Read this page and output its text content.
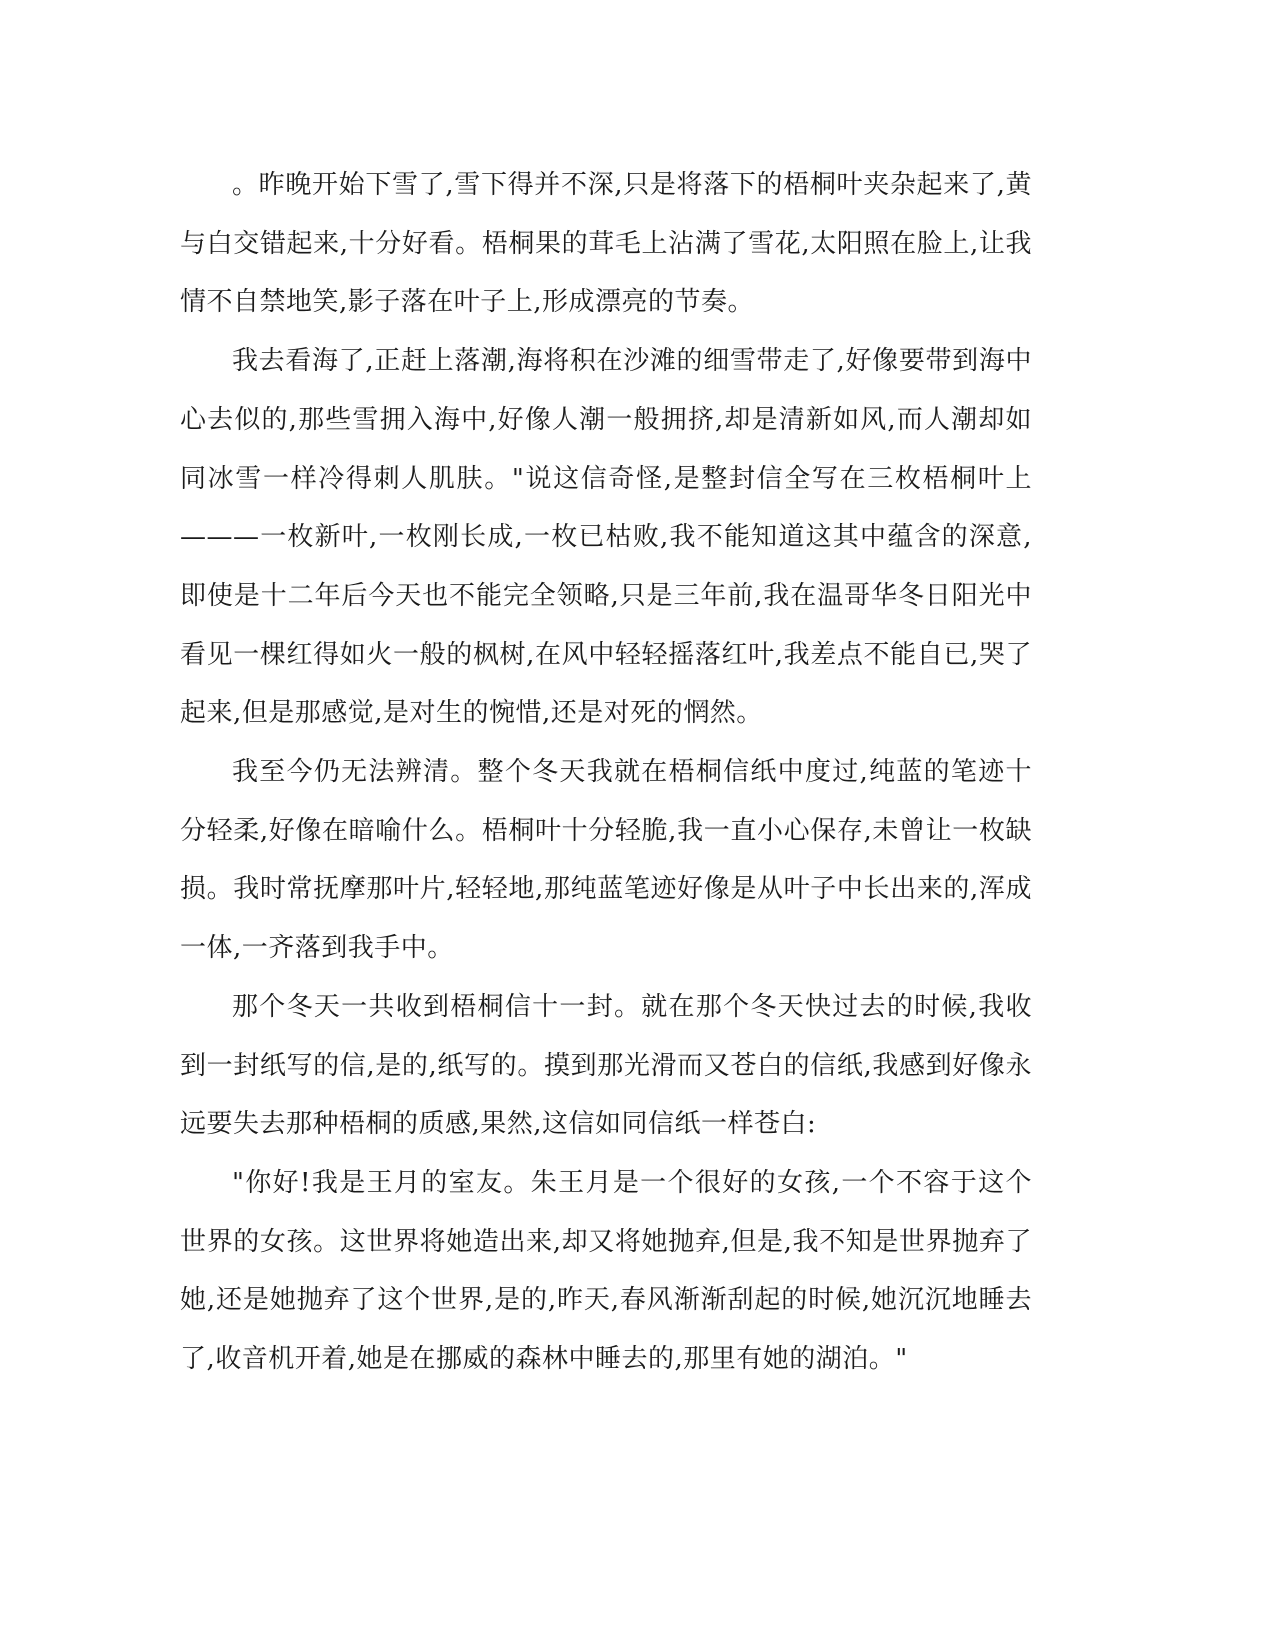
。昨晚开始下雪了,雪下得并不深,只是将落下的梧桐叶夹杂起来了,黄与白交错起来,十分好看。梧桐果的茸毛上沾满了雪花,太阳照在脸上,让我情不自禁地笑,影子落在叶子上,形成漂亮的节奏。

我去看海了,正赶上落潮,海将积在沙滩的细雪带走了,好像要带到海中心去似的,那些雪拥入海中,好像人潮一般拥挤,却是清新如风,而人潮却如同冰雪一样冷得刺人肌肤。"说这信奇怪,是整封信全写在三枚梧桐叶上———一枚新叶,一枚刚长成,一枚已枯败,我不能知道这其中蕴含的深意,即使是十二年后今天也不能完全领略,只是三年前,我在温哥华冬日阳光中看见一棵红得如火一般的枫树,在风中轻轻摇落红叶,我差点不能自已,哭了起来,但是那感觉,是对生的惋惜,还是对死的惘然。

我至今仍无法辨清。整个冬天我就在梧桐信纸中度过,纯蓝的笔迹十分轻柔,好像在暗喻什么。梧桐叶十分轻脆,我一直小心保存,未曾让一枚缺损。我时常抚摩那叶片,轻轻地,那纯蓝笔迹好像是从叶子中长出来的,浑成一体,一齐落到我手中。

那个冬天一共收到梧桐信十一封。就在那个冬天快过去的时候,我收到一封纸写的信,是的,纸写的。摸到那光滑而又苍白的信纸,我感到好像永远要失去那种梧桐的质感,果然,这信如同信纸一样苍白:

"你好!我是王月的室友。朱王月是一个很好的女孩,一个不容于这个世界的女孩。这世界将她造出来,却又将她抛弃,但是,我不知是世界抛弃了她,还是她抛弃了这个世界,是的,昨天,春风渐渐刮起的时候,她沉沉地睡去了,收音机开着,她是在挪威的森林中睡去的,那里有她的湖泊。"
